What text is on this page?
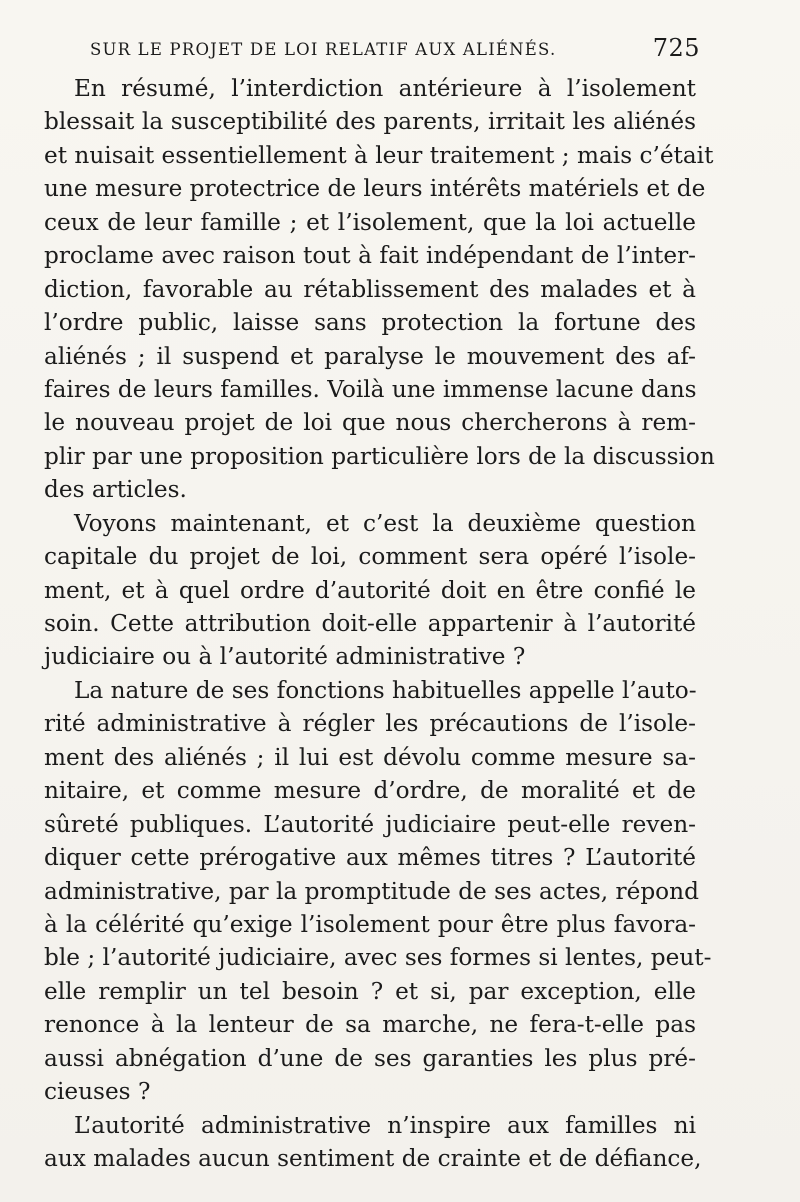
SUR LE PROJET DE LOI RELATIF AUX ALIÉNÉS.	725
En résumé, l’interdiction antérieure à l’isolement
blessait la susceptibilité des parents, irritait les aliénés
et nuisait essentiellement à leur traitement ; mais c’était
une mesure protectrice de leurs intérêts matériels et de
ceux de leur famille ; et l’isolement, que la loi actuelle
proclame avec raison tout à fait indépendant de l’inter-
diction, favorable au rétablissement des malades et à
l’ordre public, laisse sans protection la fortune des
aliénés ; il suspend et paralyse le mouvement des af-
faires de leurs familles. Voilà une immense lacune dans
le nouveau projet de loi que nous chercherons à rem-
plir par une proposition particulière lors de la discussion
des articles.
Voyons maintenant, et c’est la deuxième question
capitale du projet de loi, comment sera opéré l’isole-
ment, et à quel ordre d’autorité doit en être confié le
soin. Cette attribution doit-elle appartenir à l’autorité
judiciaire ou à l’autorité administrative ?
La nature de ses fonctions habituelles appelle l’auto-
rité administrative à régler les précautions de l’isole-
ment des aliénés ; il lui est dévolu comme mesure sa-
nitaire, et comme mesure d’ordre, de moralité et de
sûreté publiques. L’autorité judiciaire peut-elle reven-
diquer cette prérogative aux mêmes titres ? L’autorité
administrative, par la promptitude de ses actes, répond
à la célérité qu’exige l’isolement pour être plus favora-
ble ; l’autorité judiciaire, avec ses formes si lentes, peut-
elle remplir un tel besoin ? et si, par exception, elle
renonce à la lenteur de sa marche, ne fera-t-elle pas
aussi abnégation d’une de ses garanties les plus pré-
cieuses ?
L’autorité administrative n’inspire aux familles ni
aux malades aucun sentiment de crainte et de défiance,
